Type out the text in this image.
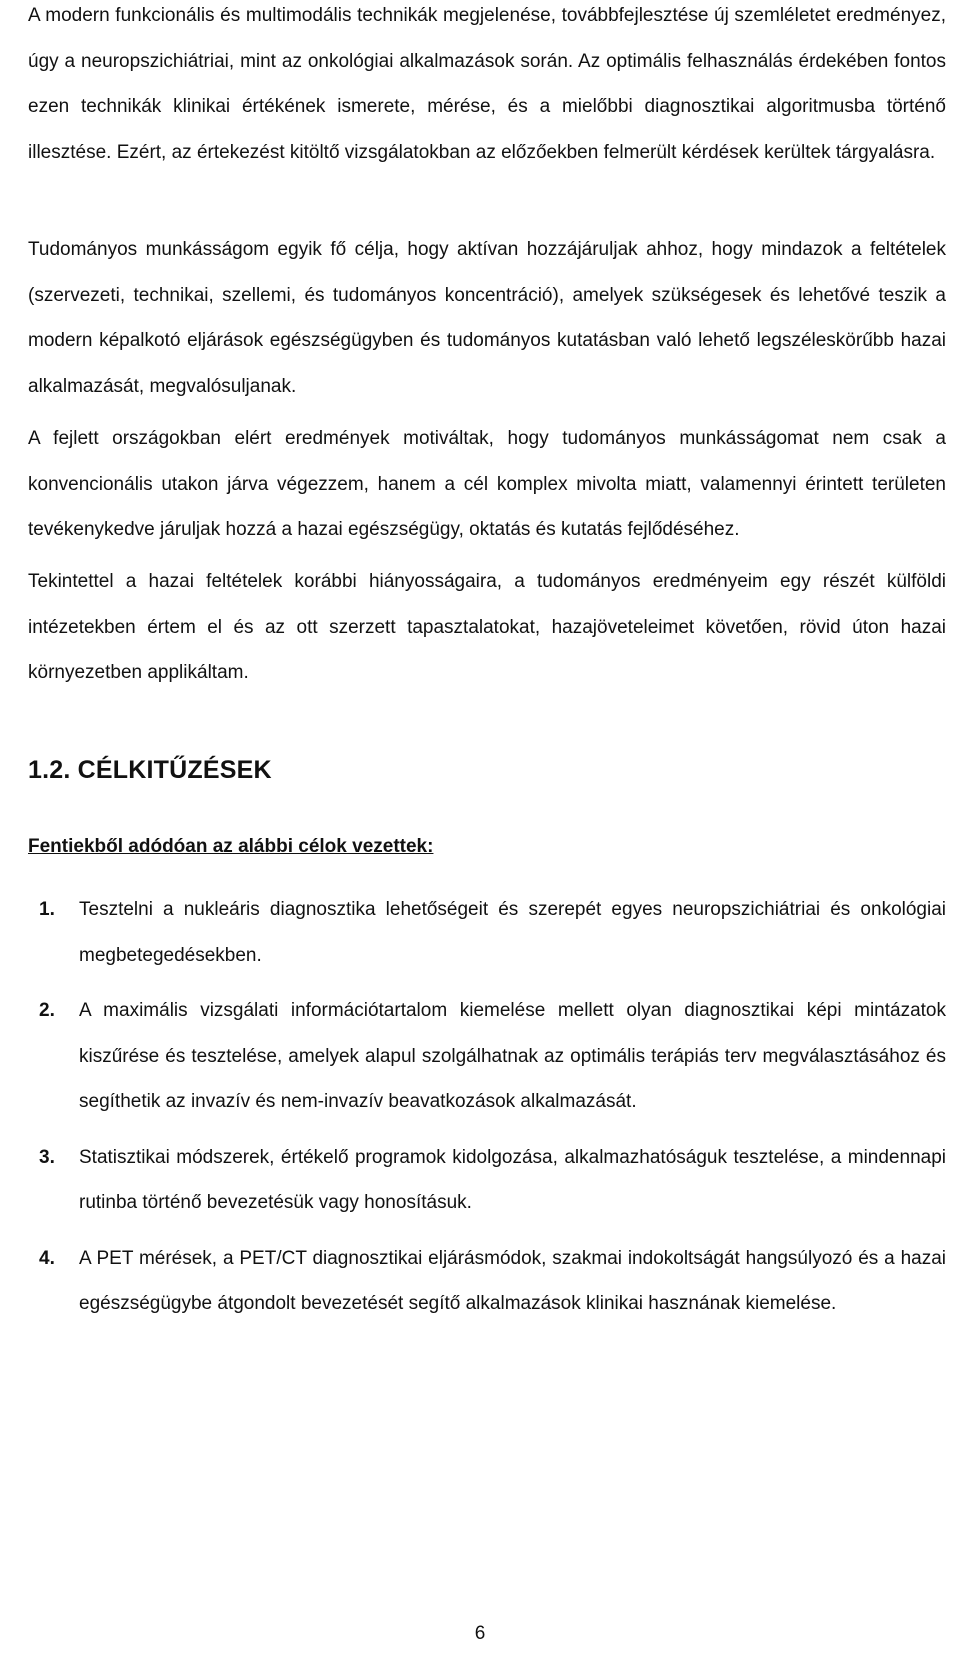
A modern funkcionális és multimodális technikák megjelenése, továbbfejlesztése új szemléletet eredményez, úgy a neuropszichiátriai, mint az onkológiai alkalmazások során. Az optimális felhasználás érdekében fontos ezen technikák klinikai értékének ismerete, mérése, és a mielőbbi diagnosztikai algoritmusba történő illesztése. Ezért, az értekezést kitöltő vizsgálatokban az előzőekben felmerült kérdések kerültek tárgyalásra.

Tudományos munkásságom egyik fő célja, hogy aktívan hozzájáruljak ahhoz, hogy mindazok a feltételek (szervezeti, technikai, szellemi, és tudományos koncentráció), amelyek szükségesek és lehetővé teszik a modern képalkotó eljárások egészségügyben és tudományos kutatásban való lehető legszéleskörűbb hazai alkalmazását, megvalósuljanak.

A fejlett országokban elért eredmények motiváltak, hogy tudományos munkásságomat nem csak a konvencionális utakon járva végezzem, hanem a cél komplex mivolta miatt, valamennyi érintett területen tevékenykedve járuljak hozzá a hazai egészségügy, oktatás és kutatás fejlődéséhez.

Tekintettel a hazai feltételek korábbi hiányosságaira, a tudományos eredményeim egy részét külföldi intézetekben értem el és az ott szerzett tapasztalatokat, hazajöveteleimet követően, rövid úton hazai környezetben applikáltam.

1.2. CÉLKITŰZÉSEK
Fentiekből adódóan az alábbi célok vezettek:
1. Tesztelni a nukleáris diagnosztika lehetőségeit és szerepét egyes neuropszichiátriai és onkológiai megbetegedésekben.
2. A maximális vizsgálati információtartalom kiemelése mellett olyan diagnosztikai képi mintázatok kiszűrése és tesztelése, amelyek alapul szolgálhatnak az optimális terápiás terv megválasztásához és segíthetik az invazív és nem-invazív beavatkozások alkalmazását.
3. Statisztikai módszerek, értékelő programok kidolgozása, alkalmazhatóságuk tesztelése, a mindennapi rutinba történő bevezetésük vagy honosításuk.
4. A PET mérések, a PET/CT diagnosztikai eljárásmódok, szakmai indokoltságát hangsúlyozó és a hazai egészségügybe átgondolt bevezetését segítő alkalmazások klinikai hasznának kiemelése.
6
